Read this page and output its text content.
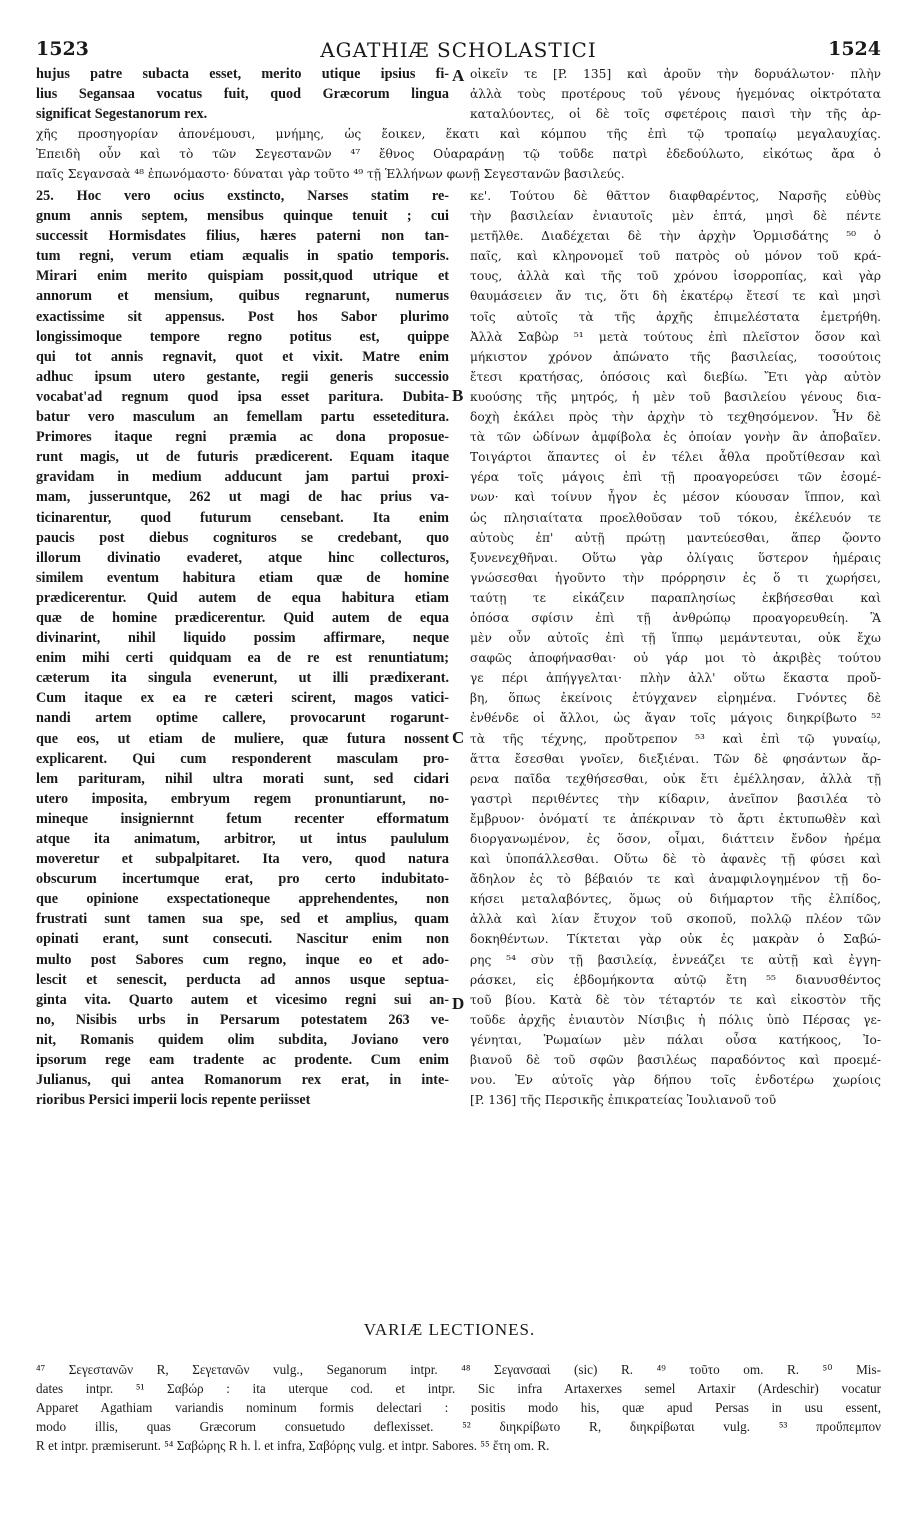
1523	AGATHIÆ SCHOLASTICI	1524
hujus patre subacta esset, merito utique ipsius fi-
lius Segansaa vocatus fuit, quod Græcorum lingua
significat Segestanorum rex.
οἰκεῖν τε [P. 135] καὶ ἀροῦν τὴν δορυάλωτον· πλὴν
ἀλλὰ τοὺς προτέρους τοῦ γένους ἡγεμόνας οἰκτρότατα
καταλύοντες, οἱ δὲ τοῖς σφετέροις παισὶ τὴν τῆς ἀρ-
χῆς προσηγορίαν ἀπονέμουσι, μνήμης, ὡς ἔοικεν, ἕκατι καὶ κόμπου τῆς ἐπὶ τῷ τροπαίῳ μεγαλαυχίας.
Ἐπειδὴ οὖν καὶ τὸ τῶν Σεγεστανῶν ⁴⁷ ἔθνος Οὐαραράνῃ τῷ τοῦδε πατρὶ ἐδεδούλωτο, εἰκότως ἄρα ὁ
παῖς Σεγανσαὰ ⁴⁸ ἐπωνόμαστο· δύναται γὰρ τοῦτο ⁴⁹ τῇ Ἑλλήνων φωνῇ Σεγεστανῶν βασιλεύς.
A
B
C
D
25. Hoc vero ocius exstincto, Narses statim re-
gnum annis septem, mensibus quinque tenuit ; cui
successit Hormisdates filius, hæres paterni non tan-
tum regni, verum etiam æqualis in spatio temporis.
Mirari enim merito quispiam possit,quod utrique et
annorum et mensium, quibus regnarunt, numerus
exactissime sit appensus. Post hos Sabor plurimo
longissimoque tempore regno potitus est, quippe
qui tot annis regnavit, quot et vixit. Matre enim
adhuc ipsum utero gestante, regii generis successio
vocabat'ad regnum quod ipsa esset paritura. Dubita-
batur vero masculum an femellam partu esseteditura.
Primores itaque regni præmia ac dona proposue-
runt magis, ut de futuris prædicerent. Equam itaque
gravidam in medium adducunt jam partui proxi-
mam, jusseruntque, 262 ut magi de hac prius va-
ticinarentur, quod futurum censebant. Ita enim
paucis post diebus cogn​ituros se credebant, quo
illorum divinatio evaderet, atque hinc collecturos,
similem eventum habitura etiam quæ de homine
prædicerentur. Quid autem de equa habitura etiam
quæ de homine prædicerentur. Quid autem de equa
divinarint, nihil liquido possim affirmare, neque
enim mihi certi quidquam ea de re est renuntiatum;
cæterum ita singula evenerunt, ut illi prædixerant.
Cum itaque ex ea re cæteri scirent, magos vatici-
nandi artem optime callere, provocarunt rogarunt-
que eos, ut etiam de muliere, quæ futura nossent
explicarent. Qui cum responderent masculam pro-
lem parituram, nihil ultra morati sunt, sed cidari
utero imposita, embryum regem pronuntiarunt, no-
mineque insigniernnt fetum recenter efformatum
atque ita animatum, arbitror, ut intus paululum
moveretur et subpalpitaret. Ita vero, quod natura
obscurum incertumque erat, pro certo indubitato-
que opinione exspectationeque apprehendentes, non
frustrati sunt tamen sua spe, sed et amplius, quam
opinati erant, sunt consecuti. Nascitur enim non
multo post Sabores cum regno, inque eo et ado-
lescit et senescit, perducta ad annos usque septua-
ginta vita. Quarto autem et vicesimo regni sui an-
no, Nisibis urbs in Persarum potestatem 263 ve-
nit, Romanis quidem olim subdita, Joviano vero
ipsorum rege eam tradente ac prodente. Cum enim
Julianus, qui antea Romanorum rex erat, in inte-
rioribus Persici imperii locis repente periisset
κε'. Τούτου δὲ θᾶττον διαφθαρέντος, Ναρσῆς εὐθὺς
τὴν βασιλείαν ἐνιαυτοῖς μὲν ἑπτά, μησὶ δὲ πέντε
μετῆλθε. Διαδέχεται δὲ τὴν ἀρχὴν Ὁρμισδάτης ⁵⁰ ὁ
παῖς, καὶ κληρονομεῖ τοῦ πατρὸς οὐ μόνον τοῦ κρά-
τους, ἀλλὰ καὶ τῆς τοῦ χρόνου ἰσορροπίας, καὶ γὰρ
θαυμάσειεν ἄν τις, ὅτι δὴ ἑκατέρῳ ἔτεσί τε καὶ μησὶ
τοῖς αὐτοῖς τὰ τῆς ἀρχῆς ἐπιμελέστατα ἐμετρήθη.
Ἀλλὰ Σαβὼρ ⁵¹ μετὰ τούτους ἐπὶ πλεῖστον ὅσον καὶ
μήκιστον χρόνον ἀπώνατο τῆς βασιλείας, τοσούτοις
ἔτεσι κρατήσας, ὁπόσοις καὶ διεβίω. Ἔτι γὰρ αὐτὸν
κυούσης τῆς μητρός, ἡ μὲν τοῦ βασιλείου γένους δια-
δοχὴ ἐκάλει πρὸς τὴν ἀρχὴν τὸ τεχθησόμενον. Ἦν δὲ
τὰ τῶν ὠδίνων ἀμφίβολα ἐς ὁποίαν γονὴν ἂν ἀποβαῖεν.
Τοιγάρτοι ἅπαντες οἱ ἐν τέλει ἆθλα προὔτίθεσαν καὶ
γέρα τοῖς μάγοις ἐπὶ τῇ προαγορεύσει τῶν ἐσομέ-
νων· καὶ τοίνυν ἦγον ἐς μέσον κύουσαν ἵππον, καὶ
ὡς πλησιαίτατα προελθοῦσαν τοῦ τόκου, ἐκέλευόν τε
αὐτοὺς ἐπ' αὐτῇ πρώτῃ μαντεύεσθαι, ἅπερ ᾤοντο
ξυνενεχθῆναι. Οὕτω γὰρ ὀλίγαις ὕστερον ἡμέραις
γνώσεσθαι ἡγοῦντο τὴν πρόρρησιν ἐς ὅ τι χωρήσει,
ταύτῃ τε εἰκάζειν παραπλησίως ἐκβήσεσθαι καὶ
ὁπόσα σφίσιν ἐπὶ τῇ ἀνθρώπῳ προαγορευθείη. Ἃ
μὲν οὖν αὐτοῖς ἐπὶ τῇ ἵππῳ μεμάντευται, οὐκ ἔχω
σαφῶς ἀποφήνασθαι· οὐ γάρ μοι τὸ ἀκριβὲς τούτου
γε πέρι ἀπήγγελται· πλὴν ἀλλ' οὕτω ἕκαστα προὔ-
βη, ὅπως ἐκείνοις ἐτύγχανεν εἰρημένα. Γνόντες δὲ
ἐνθένδε οἱ ἄλλοι, ὡς ἄγαν τοῖς μάγοις διηκρίβωτο ⁵²
τὰ τῆς τέχνης, προὔτρεπον ⁵³ καὶ ἐπὶ τῷ γυναίῳ,
ἅττα ἔσεσθαι γνοῖεν, διεξιέναι. Τῶν δὲ φησάντων ἄρ-
ρενα παῖδα τεχθήσεσθαι, οὐκ ἔτι ἐμέλλησαν, ἀλλὰ τῇ
γαστρὶ περιθέντες τὴν κίδαριν, ἀνεῖπον βασιλέα τὸ
ἔμβρυον· ὀνόματί τε ἀπέκριναν τὸ ἄρτι ἐκτυπωθὲν καὶ
διοργανωμένον, ἐς ὅσον, οἶμαι, διάττειν ἔνδον ἠρέμα
καὶ ὑποπάλλεσθαι. Οὕτω δὲ τὸ ἀφανὲς τῇ φύσει καὶ
ἄδηλον ἐς τὸ βέβαιόν τε καὶ ἀναμφιλογημένον τῇ δο-
κήσει μεταλαβόντες, ὅμως οὐ διήμαρτον τῆς ἐλπίδος,
ἀλλὰ καὶ λίαν ἔτυχον τοῦ σκοποῦ, πολλῷ πλέον τῶν
δοκηθέντων. Τίκτεται γὰρ οὐκ ἐς μακρὰν ὁ Σαβώ-
ρης ⁵⁴ σὺν τῇ βασιλείᾳ, ἐννεάζει τε αὐτῇ καὶ ἐγγη-
ράσκει, εἰς ἑβδομήκοντα αὐτῷ ἔτη ⁵⁵ διανυσθέντος
τοῦ βίου. Κατὰ δὲ τὸν τέταρτόν τε καὶ εἰκοστὸν τῆς
τοῦδε ἀρχῆς ἐνιαυτὸν Νίσιβις ἡ πόλις ὑπὸ Πέρσας γε-
γένηται, Ῥωμαίων μὲν πάλαι οὖσα κατήκοος, Ἰο-
βιανοῦ δὲ τοῦ σφῶν βασιλέως παραδόντος καὶ προεμέ-
νου. Ἐν αὐτοῖς γὰρ δήπου τοῖς ἐνδοτέρω χωρίοις
[P. 136] τῆς Περσικῆς ἐπικρατείας Ἰουλιανοῦ τοῦ
VARIÆ LECTIONES.
⁴⁷ Σεγεστανῶν R, Σεγετανῶν vulg., Seganorum intpr. ⁴⁸ Σεγανσααὶ (sic) R. ⁴⁹ τοῦτο om. R. ⁵⁰ Mis-
dates intpr. ⁵¹ Σαβώρ : ita uterque cod. et intpr. Sic infra Artaxerxes semel Artaxir (Ardeschir) vocatur
Apparet Agathiam variandis nominum formis delectari : positis modo his, quæ apud Persas in usu essent,
modo illis, quas Græcorum consuetudo deflexisset. ⁵² διηκρίβωτο R, διηκρίβωται vulg. ⁵³ προὔπεμπον
R et intpr. præmiserunt. ⁵⁴ Σαβώρης R h. l. et infra, Σαβόρης vulg. et intpr. Sabores. ⁵⁵ ἔτη om. R.
